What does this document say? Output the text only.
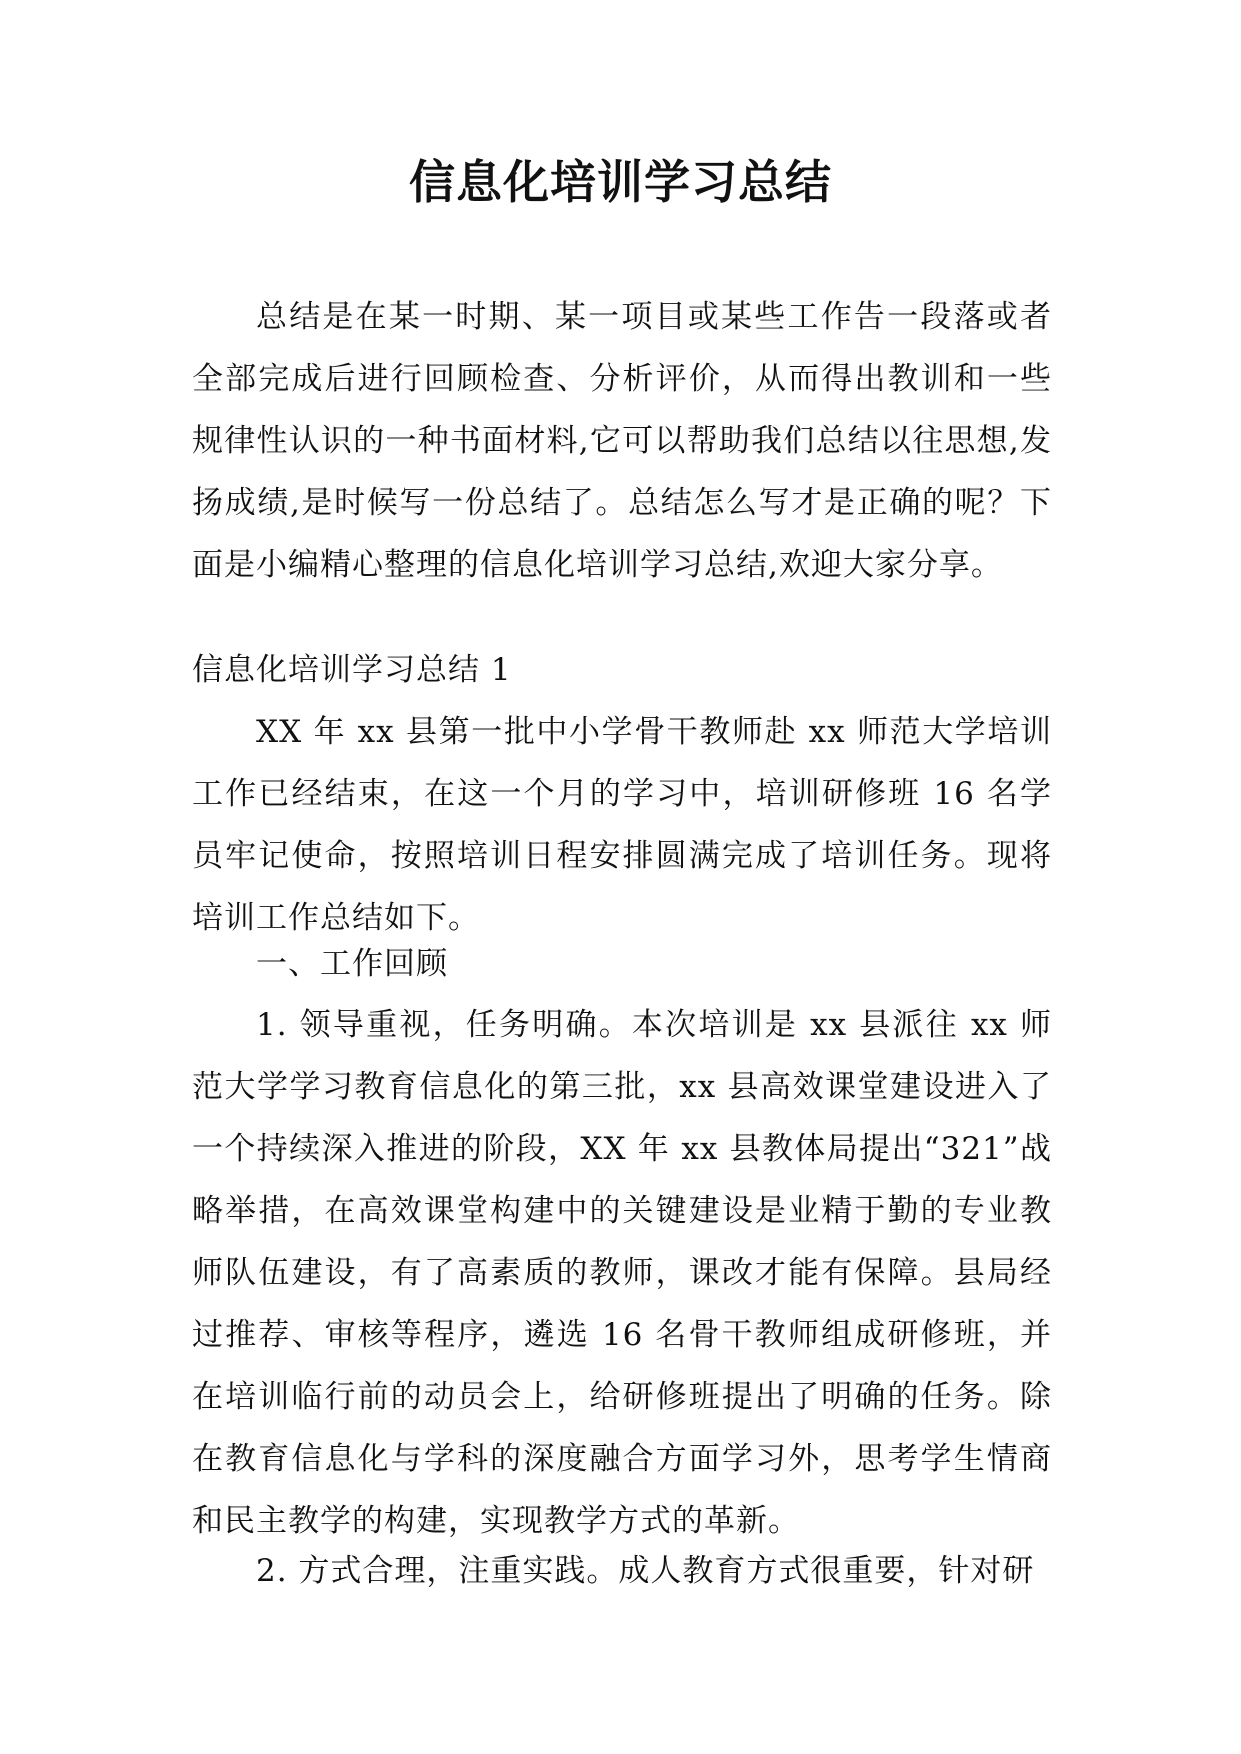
信息化培训学习总结

总结是在某一时期、某一项目或某些工作告一段落或者全部完成后进行回顾检查、分析评价，从而得出教训和一些规律性认识的一种书面材料,它可以帮助我们总结以往思想,发扬成绩,是时候写一份总结了。总结怎么写才是正确的呢？下面是小编精心整理的信息化培训学习总结,欢迎大家分享。

信息化培训学习总结 1

XX 年 xx 县第一批中小学骨干教师赴 xx 师范大学培训工作已经结束，在这一个月的学习中，培训研修班 16 名学员牢记使命，按照培训日程安排圆满完成了培训任务。现将培训工作总结如下。

一、工作回顾

1. 领导重视，任务明确。本次培训是 xx 县派往 xx 师范大学学习教育信息化的第三批，xx 县高效课堂建设进入了一个持续深入推进的阶段，XX 年 xx 县教体局提出“321”战略举措，在高效课堂构建中的关键建设是业精于勤的专业教师队伍建设，有了高素质的教师，课改才能有保障。县局经过推荐、审核等程序，遴选 16 名骨干教师组成研修班，并在培训临行前的动员会上，给研修班提出了明确的任务。除在教育信息化与学科的深度融合方面学习外，思考学生情商和民主教学的构建，实现教学方式的革新。

2. 方式合理，注重实践。成人教育方式很重要，针对研
